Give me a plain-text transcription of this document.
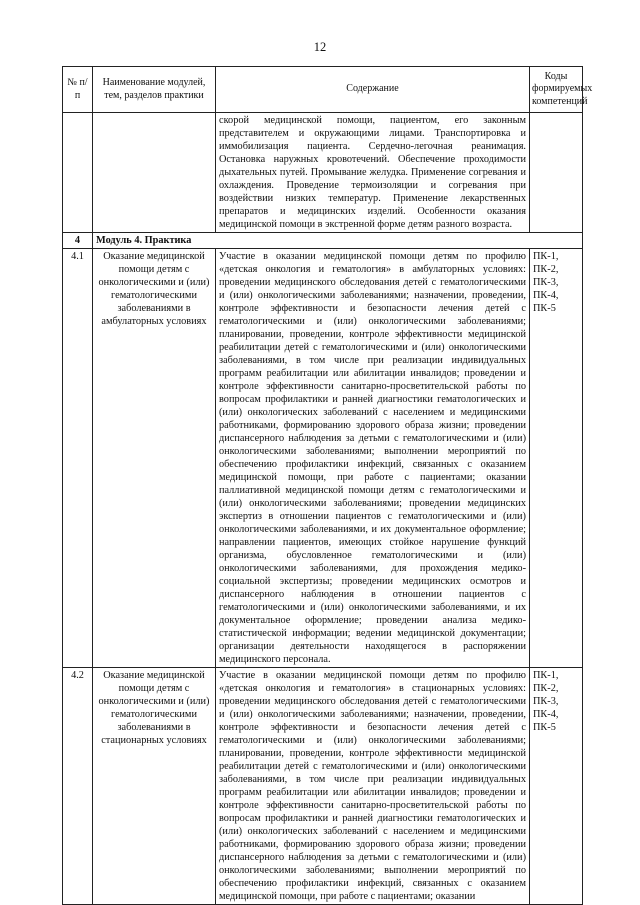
12
№ п/п	Наименование модулей, тем, разделов практики	Содержание	Коды формируемых компетенций
		скорой медицинской помощи, пациентом, его законным представителем и окружающими лицами. Транспортировка и иммобилизация пациента. Сердечно-легочная реанимация. Остановка наружных кровотечений. Обеспечение проходимости дыхательных путей. Промывание желудка. Применение согревания и охлаждения. Проведение термоизоляции и согревания при воздействии низких температур. Применение лекарственных препаратов и медицинских изделий. Особенности оказания медицинской помощи в экстренной форме детям разного возраста.	
4	Модуль 4. Практика		
4.1	Оказание медицинской помощи детям с онкологическими и (или) гематологическими заболеваниями в амбулаторных условиях	Участие в оказании медицинской помощи детям по профилю «детская онкология и гематология» в амбулаторных условиях: проведении медицинского обследования детей с гематологическими и (или) онкологическими заболеваниями; назначении, проведении, контроле эффективности и безопасности лечения детей с гематологическими и (или) онкологическими заболеваниями; планировании, проведении, контроле эффективности медицинской реабилитации детей с гематологическими и (или) онкологическими заболеваниями, в том числе при реализации индивидуальных программ реабилитации или абилитации инвалидов; проведении и контроле эффективности санитарно-просветительской работы по вопросам профилактики и ранней диагностики гематологических и (или) онкологических заболеваний с населением и медицинскими работниками, формированию здорового образа жизни; проведении диспансерного наблюдения за детьми с гематологическими и (или) онкологическими заболеваниями; выполнении мероприятий по обеспечению профилактики инфекций, связанных с оказанием медицинской помощи, при работе с пациентами; оказании паллиативной медицинской помощи детям с гематологическими и (или) онкологическими заболеваниями; проведении медицинских экспертиз в отношении пациентов с гематологическими и (или) онкологическими заболеваниями, и их документальное оформление; направлении пациентов, имеющих стойкое нарушение функций организма, обусловленное гематологическими и (или) онкологическими заболеваниями, для прохождения медико-социальной экспертизы; проведении медицинских осмотров и диспансерного наблюдения в отношении пациентов с гематологическими и (или) онкологическими заболеваниями, и их документальное оформление; проведении анализа медико-статистической информации; ведении медицинской документации; организации деятельности находящегося в распоряжении медицинского персонала.	ПК-1, ПК-2, ПК-3, ПК-4, ПК-5
4.2	Оказание медицинской помощи детям с онкологическими и (или) гематологическими заболеваниями в стационарных условиях	Участие в оказании медицинской помощи детям по профилю «детская онкология и гематология» в стационарных условиях: проведении медицинского обследования детей с гематологическими и (или) онкологическими заболеваниями; назначении, проведении, контроле эффективности и безопасности лечения детей с гематологическими и (или) онкологическими заболеваниями; планировании, проведении, контроле эффективности медицинской реабилитации детей с гематологическими и (или) онкологическими заболеваниями, в том числе при реализации индивидуальных программ реабилитации или абилитации инвалидов; проведении и контроле эффективности санитарно-просветительской работы по вопросам профилактики и ранней диагностики гематологических и (или) онкологических заболеваний с населением и медицинскими работниками, формированию здорового образа жизни; проведении диспансерного наблюдения за детьми с гематологическими и (или) онкологическими заболеваниями; выполнении мероприятий по обеспечению профилактики инфекций, связанных с оказанием медицинской помощи, при работе с пациентами; оказании	ПК-1, ПК-2, ПК-3, ПК-4, ПК-5
